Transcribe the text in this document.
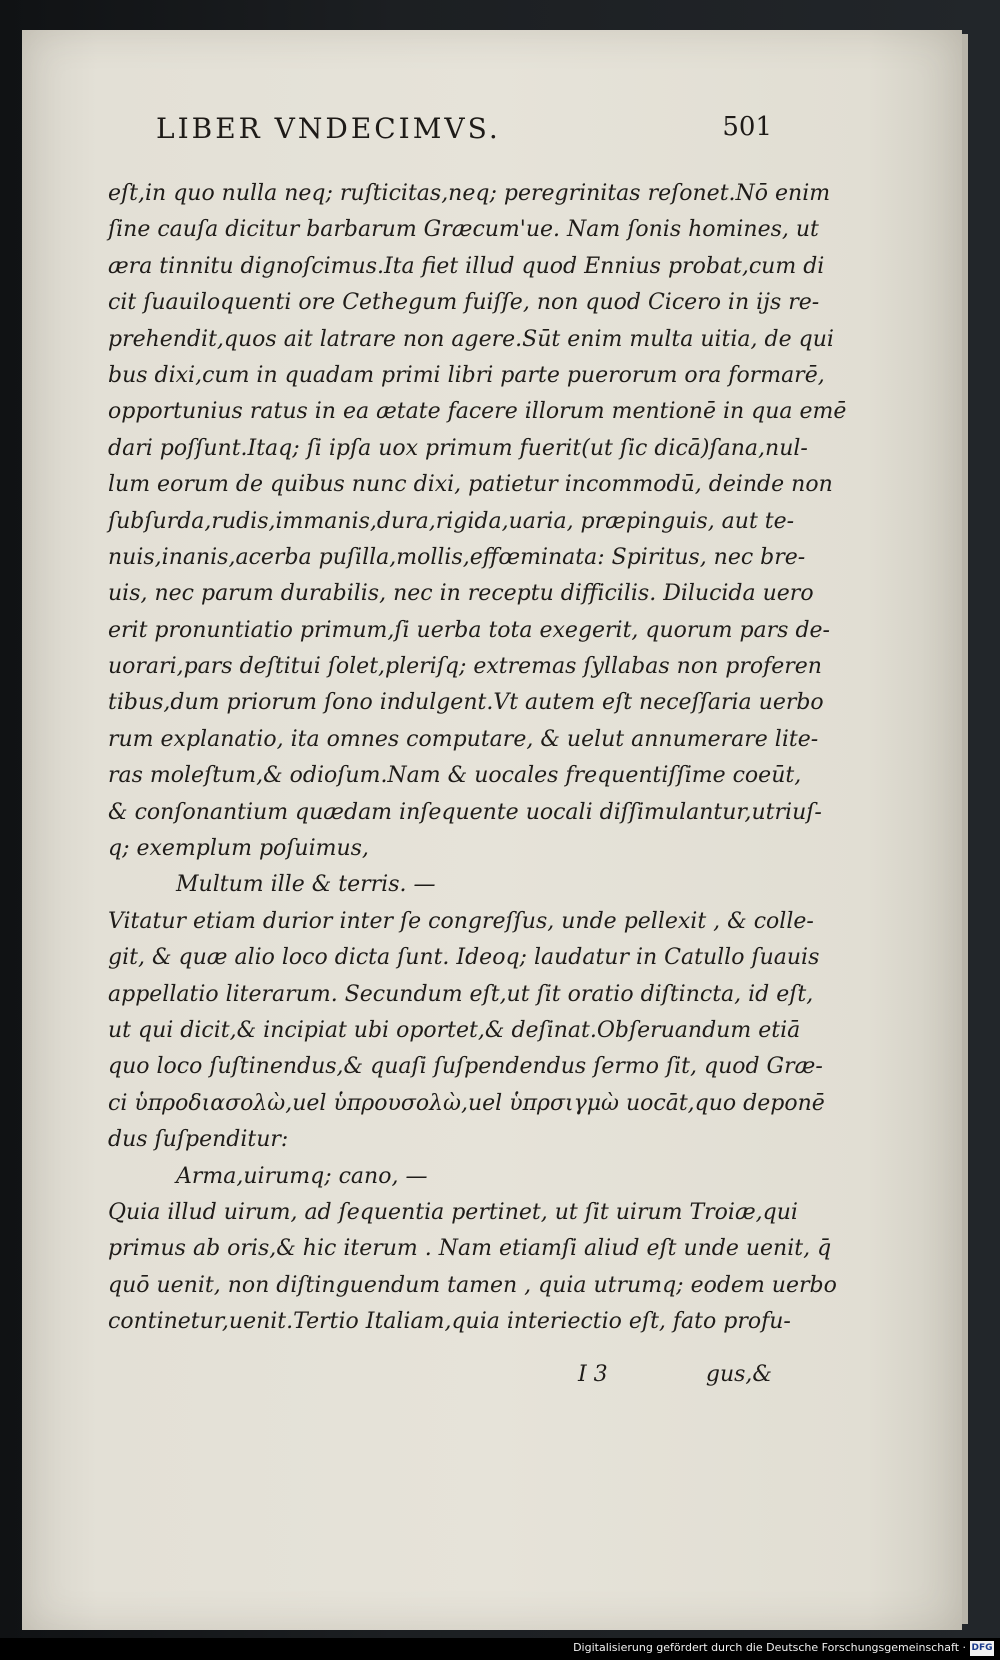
LIBER VNDECIMVS.	501
eſt,in quo nulla neq; ruſticitas,neq; peregrinitas reſonet.Nō enim
ſine cauſa dicitur barbarum Græcum'ue. Nam ſonis homines, ut
æra tinnitu dignoſcimus.Ita fiet illud quod Ennius probat,cum di
cit ſuauiloquenti ore Cethegum fuiſſe, non quod Cicero in ijs re-
prehendit,quos ait latrare non agere.Sūt enim multa uitia, de qui
bus dixi,cum in quadam primi libri parte puerorum ora formarē,
opportunius ratus in ea ætate facere illorum mentionē in qua emē
dari poſſunt.Itaq; ſi ipſa uox primum fuerit(ut ſic dicā)ſana,nul-
lum eorum de quibus nunc dixi, patietur incommodū, deinde non
ſubſurda,rudis,immanis,dura,rigida,uaria, præpinguis, aut te-
nuis,inanis,acerba puſilla,mollis,effœminata: Spiritus, nec bre-
uis, nec parum durabilis, nec in receptu difficilis. Dilucida uero
erit pronuntiatio primum,ſi uerba tota exegerit, quorum pars de-
uorari,pars deſtitui ſolet,pleriſq; extremas ſyllabas non proferen
tibus,dum priorum ſono indulgent.Vt autem eſt neceſſaria uerbo
rum explanatio, ita omnes computare, & uelut annumerare lite-
ras moleſtum,& odioſum.Nam & uocales frequentiſſime coeūt,
& conſonantium quædam inſequente uocali diſſimulantur,utriuſ-
q; exemplum poſuimus,
Multum ille & terris. —
Vitatur etiam durior inter ſe congreſſus, unde pellexit , & colle-
git, & quæ alio loco dicta ſunt. Ideoq; laudatur in Catullo ſuauis
appellatio literarum. Secundum eſt,ut ſit oratio diſtincta, id eſt,
ut qui dicit,& incipiat ubi oportet,& deſinat.Obſeruandum etiā
quo loco ſuſtinendus,& quaſi ſuſpendendus ſermo ſit, quod Græ-
ci ὑπροδιασολὼ,uel ὑπρουσολὼ,uel ὑπρσιγμὼ uocāt,quo deponē
dus ſuſpenditur:
Arma,uirumq; cano, —
Quia illud uirum, ad ſequentia pertinet, ut ſit uirum Troiæ,qui
primus ab oris,& hic iterum . Nam etiamſi aliud eſt unde uenit, q̄
quō uenit, non diſtinguendum tamen , quia utrumq; eodem uerbo
continetur,uenit.Tertio Italiam,quia interiectio eſt, fato profu-
I 3	gus,&
Digitalisierung gefördert durch die Deutsche Forschungsgemeinschaft · DFG
